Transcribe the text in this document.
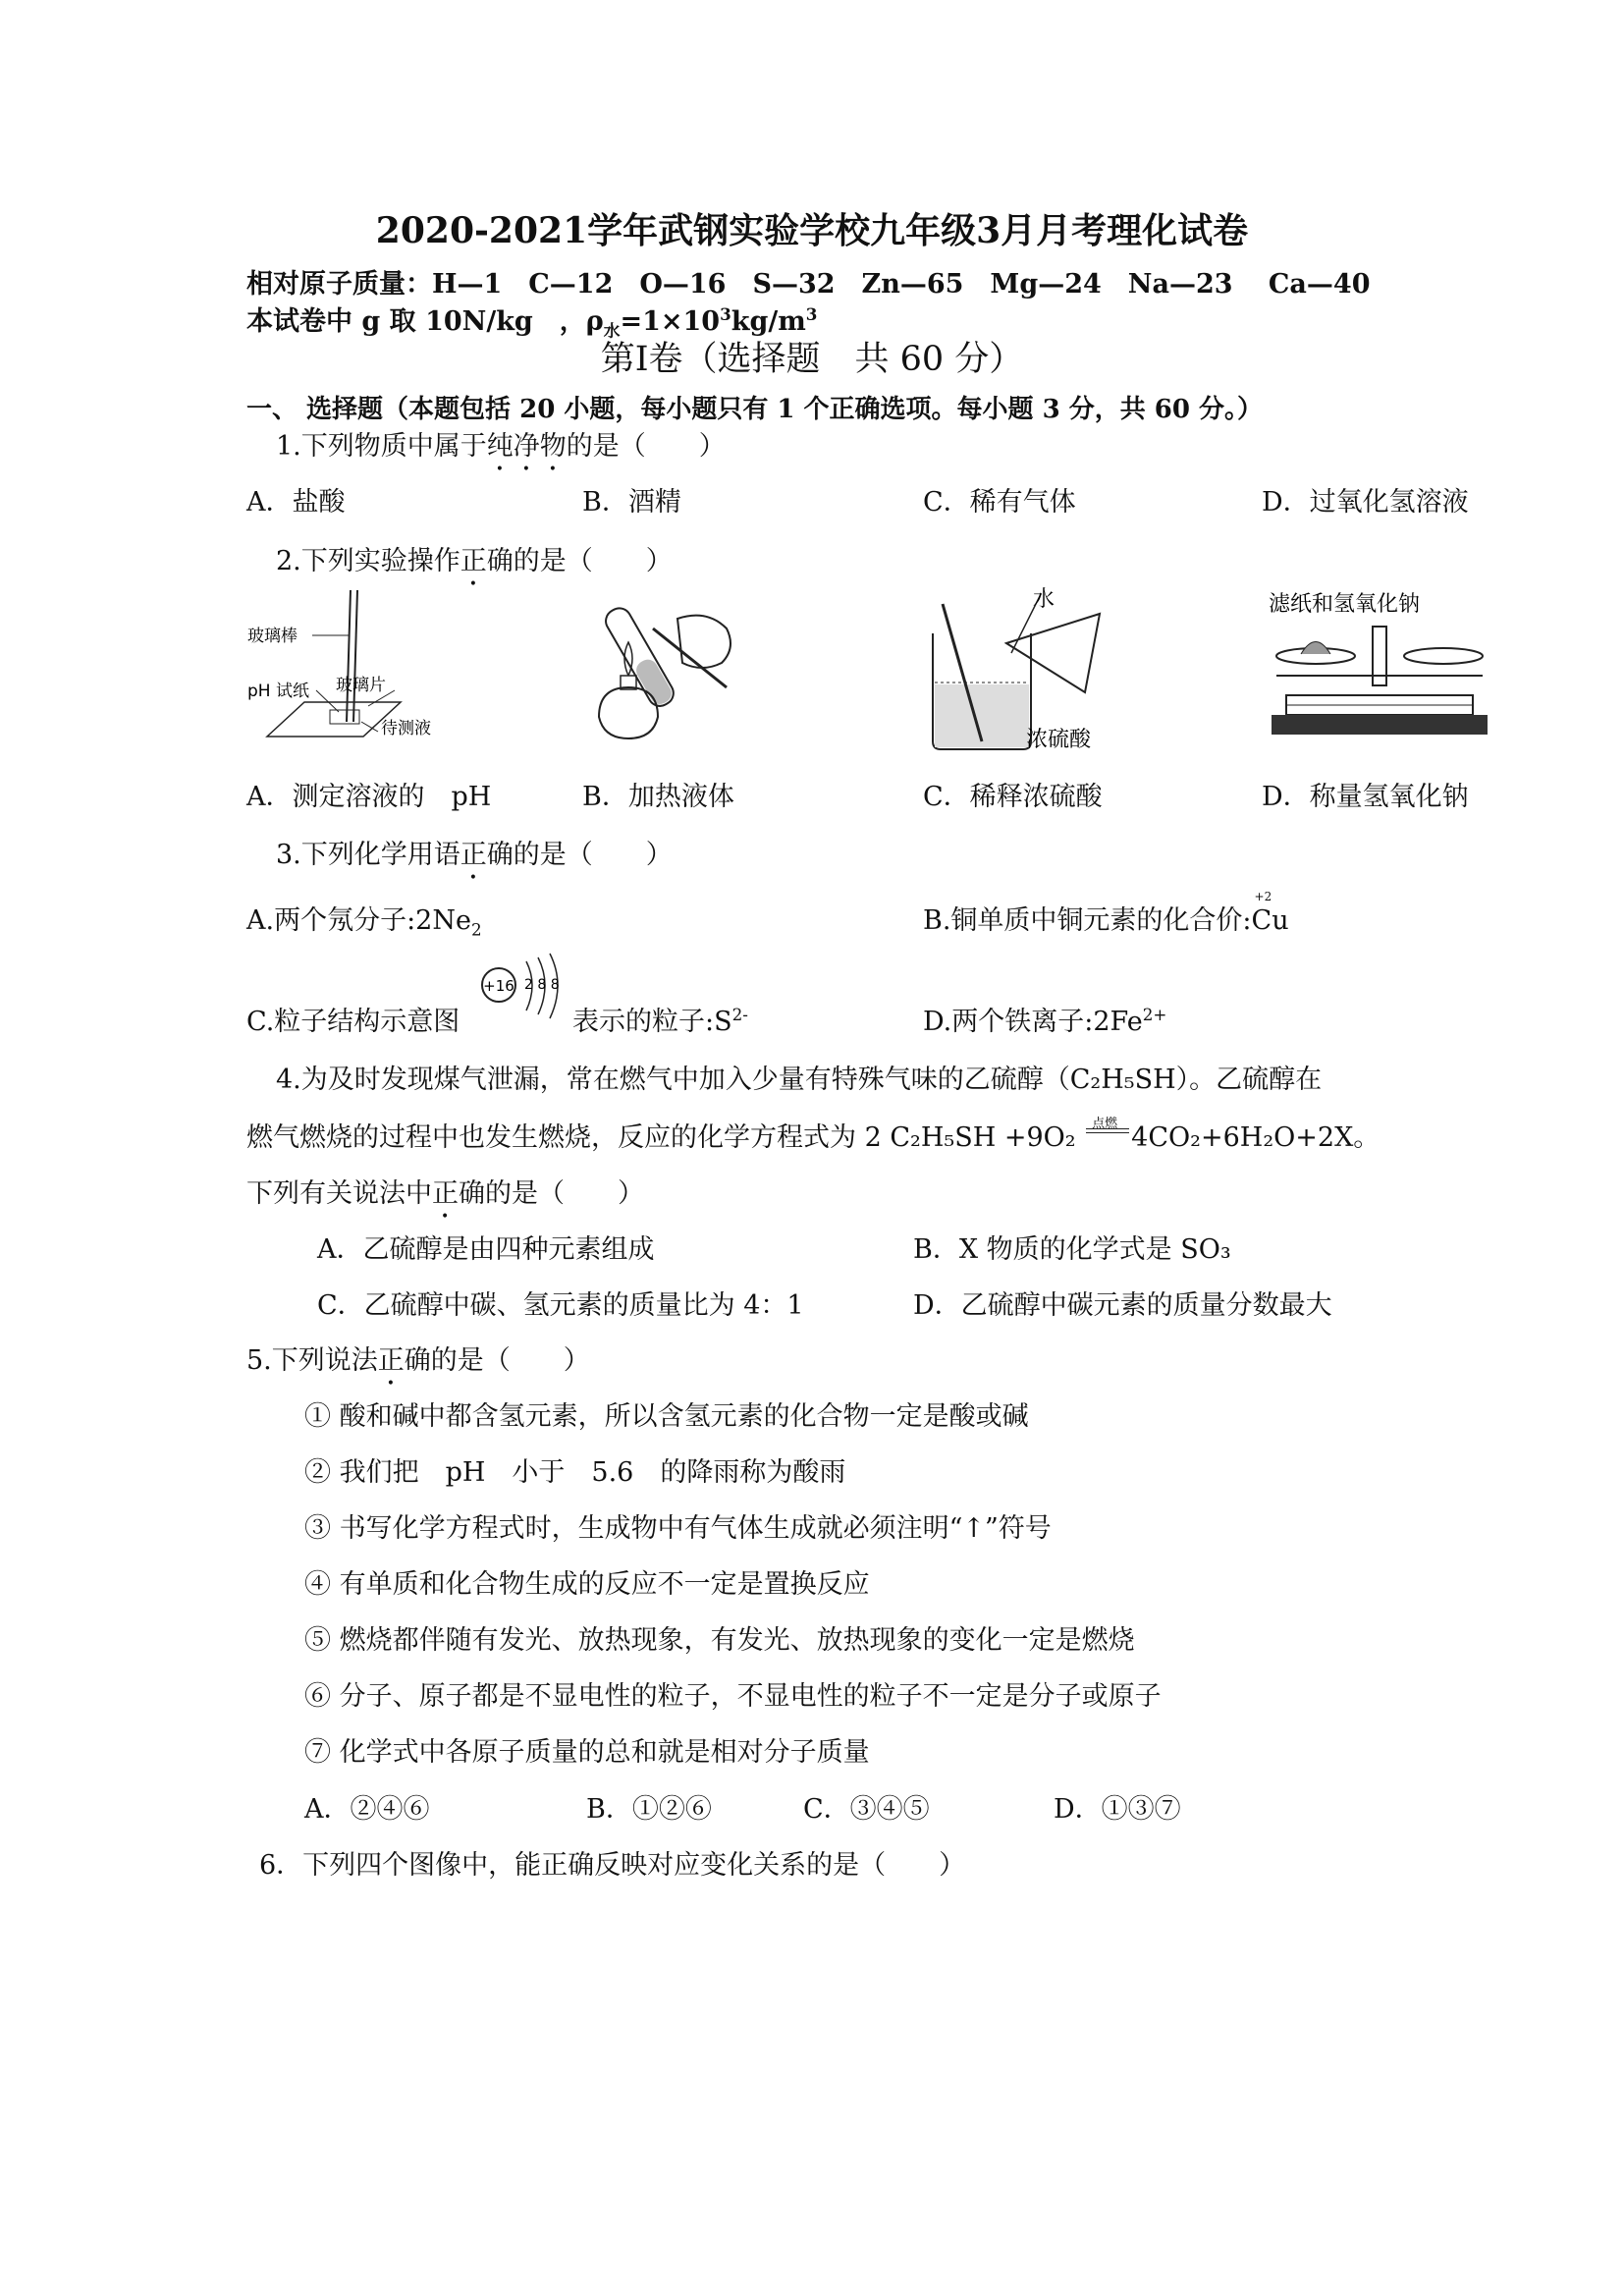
2020-2021学年武钢实验学校九年级3月月考理化试卷
相对原子质量：H—1　C—12　O—16　S—32　Zn—65　Mg—24　Na—23　 Ca—40
本试卷中 g 取 10N/kg　，$\rho_水=1\times 10^3kg/m^3$
第Ⅰ卷（选择题　共 60 分）
一、 选择题（本题包括 20 小题，每小题只有 1 个正确选项。每小题 3 分，共 60 分。）
1.下列物质中属于纯净物的是（　　）
A．盐酸	B．酒精	C．稀有气体	D．过氧化氢溶液
2.下列实验操作正确的是（　　）
玻璃棒
pH 试纸 玻璃片
待测液
水
浓硫酸
滤纸和氢氧化钠
A．测定溶液的　pH	B．加热液体	C．稀释浓硫酸	D．称量氢氧化钠
3.下列化学用语正确的是（　　）
A.两个氖分子$:2Ne_2$	B.铜单质中铜元素的化合价:
+2
Cu
C.粒子结构示意图
+16 2 8 8
表示的粒子$:S^{2-}$	D.两个铁离子$:2Fe^{2+}$
4.为及时发现煤气泄漏，常在燃气中加入少量有特殊气味的乙硫醇（C₂H₅SH）。乙硫醇在
燃气燃烧的过程中也发生燃烧，反应的化学方程式为 2 C₂H₅SH +9O₂ 点燃 4CO₂+6H₂O+2X。
下列有关说法中正确的是（　　）
A．乙硫醇是由四种元素组成	B．X 物质的化学式是 SO₃
C．乙硫醇中碳、氢元素的质量比为 4：1	D．乙硫醇中碳元素的质量分数最大
5.下列说法正确的是（　　）
① 酸和碱中都含氢元素，所以含氢元素的化合物一定是酸或碱
② 我们把　pH　小于　5.6　的降雨称为酸雨
③ 书写化学方程式时，生成物中有气体生成就必须注明“↑”符号
④ 有单质和化合物生成的反应不一定是置换反应
⑤ 燃烧都伴随有发光、放热现象，有发光、放热现象的变化一定是燃烧
⑥ 分子、原子都是不显电性的粒子，不显电性的粒子不一定是分子或原子
⑦ 化学式中各原子质量的总和就是相对分子质量
A．②④⑥	B．①②⑥	C．③④⑤	D．①③⑦
6．下列四个图像中，能正确反映对应变化关系的是（　　）
